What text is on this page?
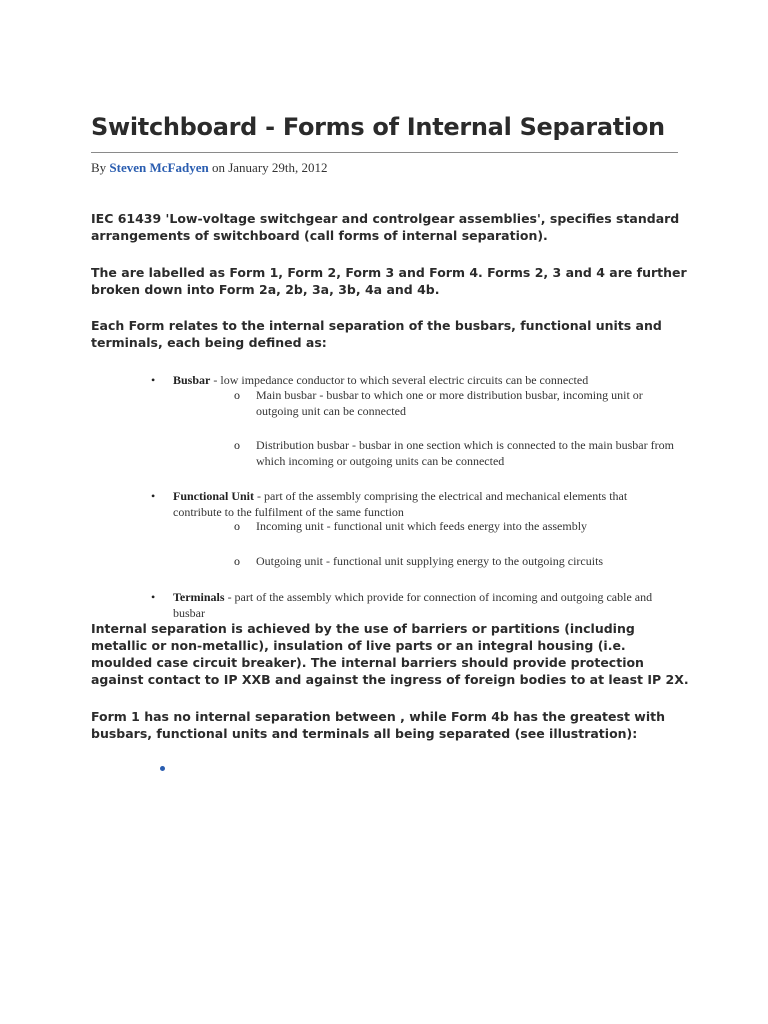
Switchboard - Forms of Internal Separation
By Steven McFadyen on January 29th, 2012

IEC 61439 'Low-voltage switchgear and controlgear assemblies', specifies standard arrangements of switchboard (call forms of internal separation).

The are labelled as Form 1, Form 2, Form 3 and Form 4. Forms 2, 3 and 4 are further broken down into Form 2a, 2b, 3a, 3b, 4a and 4b.

Each Form relates to the internal separation of the busbars, functional units and terminals, each being defined as:

• Busbar - low impedance conductor to which several electric circuits can be connected
o Main busbar - busbar to which one or more distribution busbar, incoming unit or outgoing unit can be connected
o Distribution busbar - busbar in one section which is connected to the main busbar from which incoming or outgoing units can be connected
• Functional Unit - part of the assembly comprising the electrical and mechanical elements that contribute to the fulfilment of the same function
o Incoming unit - functional unit which feeds energy into the assembly
o Outgoing unit - functional unit supplying energy to the outgoing circuits
• Terminals - part of the assembly which provide for connection of incoming and outgoing cable and busbar

Internal separation is achieved by the use of barriers or partitions (including metallic or non-metallic), insulation of live parts or an integral housing (i.e. moulded case circuit breaker). The internal barriers should provide protection against contact to IP XXB and against the ingress of foreign bodies to at least IP 2X.

Form 1 has no internal separation between , while Form 4b has the greatest with busbars, functional units and terminals all being separated (see illustration):
